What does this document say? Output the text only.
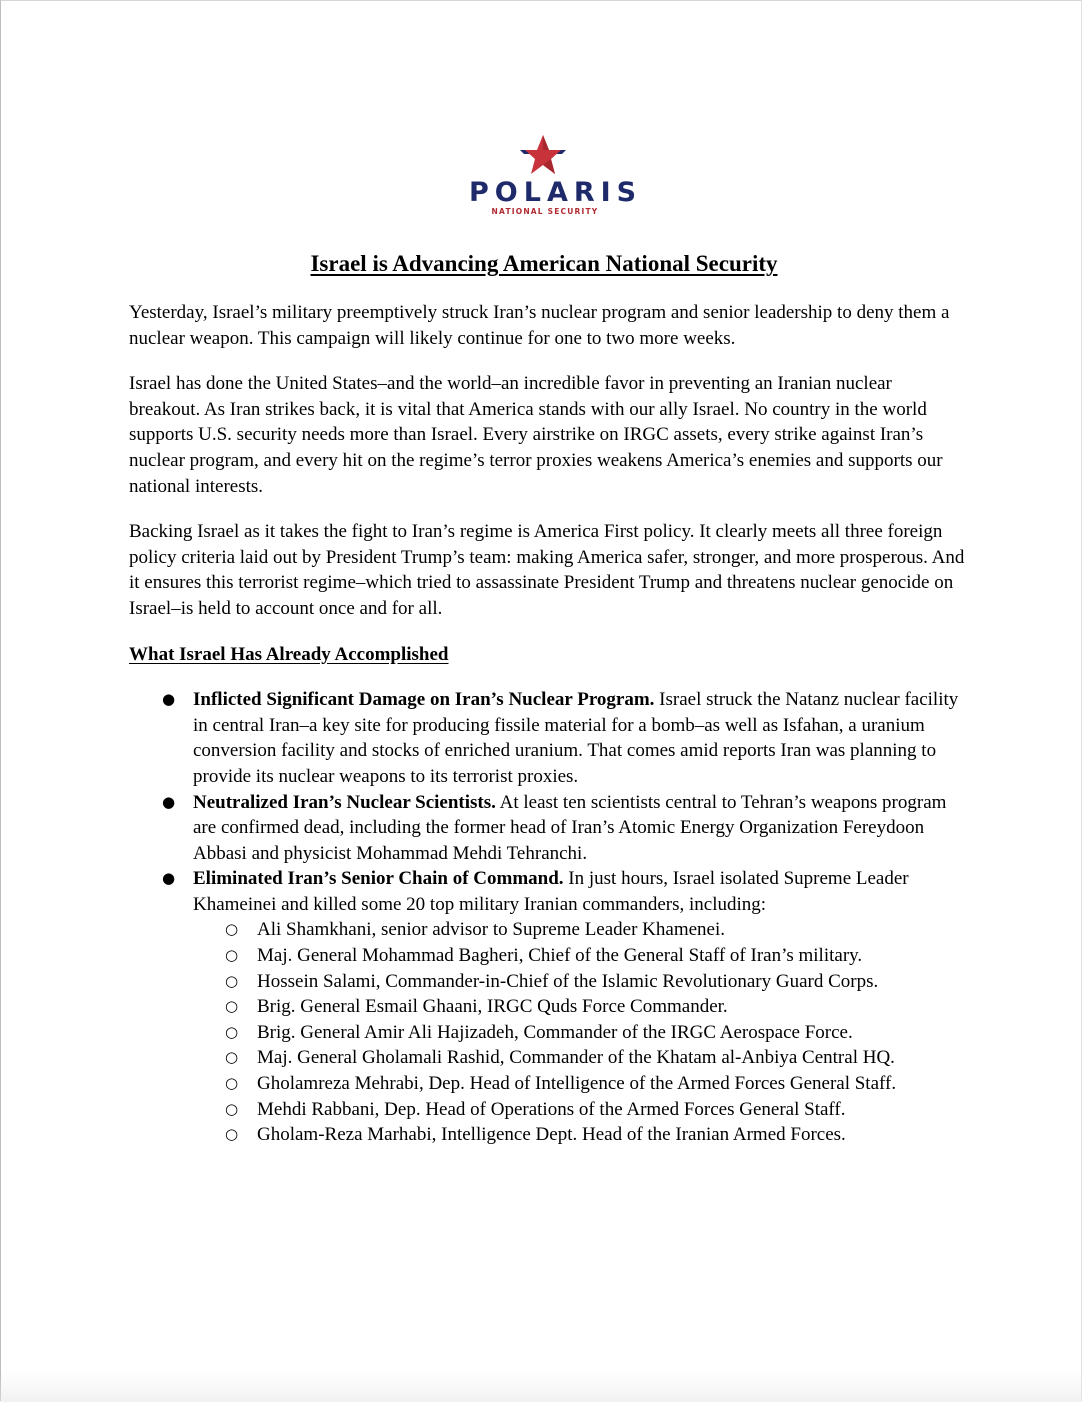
POLARIS
NATIONAL SECURITY
Israel is Advancing American National Security

Yesterday, Israel’s military preemptively struck Iran’s nuclear program and senior leadership to deny them a nuclear weapon. This campaign will likely continue for one to two more weeks.

Israel has done the United States–and the world–an incredible favor in preventing an Iranian nuclear breakout. As Iran strikes back, it is vital that America stands with our ally Israel. No country in the world supports U.S. security needs more than Israel. Every airstrike on IRGC assets, every strike against Iran’s nuclear program, and every hit on the regime’s terror proxies weakens America’s enemies and supports our national interests.

Backing Israel as it takes the fight to Iran’s regime is America First policy. It clearly meets all three foreign policy criteria laid out by President Trump’s team: making America safer, stronger, and more prosperous. And it ensures this terrorist regime–which tried to assassinate President Trump and threatens nuclear genocide on Israel–is held to account once and for all.

What Israel Has Already Accomplished
● Inflicted Significant Damage on Iran’s Nuclear Program. Israel struck the Natanz nuclear facility in central Iran–a key site for producing fissile material for a bomb–as well as Isfahan, a uranium conversion facility and stocks of enriched uranium. That comes amid reports Iran was planning to provide its nuclear weapons to its terrorist proxies.
● Neutralized Iran’s Nuclear Scientists. At least ten scientists central to Tehran’s weapons program are confirmed dead, including the former head of Iran’s Atomic Energy Organization Fereydoon Abbasi and physicist Mohammad Mehdi Tehranchi.
● Eliminated Iran’s Senior Chain of Command. In just hours, Israel isolated Supreme Leader Khameinei and killed some 20 top military Iranian commanders, including:
○ Ali Shamkhani, senior advisor to Supreme Leader Khamenei.
○ Maj. General Mohammad Bagheri, Chief of the General Staff of Iran’s military.
○ Hossein Salami, Commander-in-Chief of the Islamic Revolutionary Guard Corps.
○ Brig. General Esmail Ghaani, IRGC Quds Force Commander.
○ Brig. General Amir Ali Hajizadeh, Commander of the IRGC Aerospace Force.
○ Maj. General Gholamali Rashid, Commander of the Khatam al-Anbiya Central HQ.
○ Gholamreza Mehrabi, Dep. Head of Intelligence of the Armed Forces General Staff.
○ Mehdi Rabbani, Dep. Head of Operations of the Armed Forces General Staff.
○ Gholam-Reza Marhabi, Intelligence Dept. Head of the Iranian Armed Forces.
